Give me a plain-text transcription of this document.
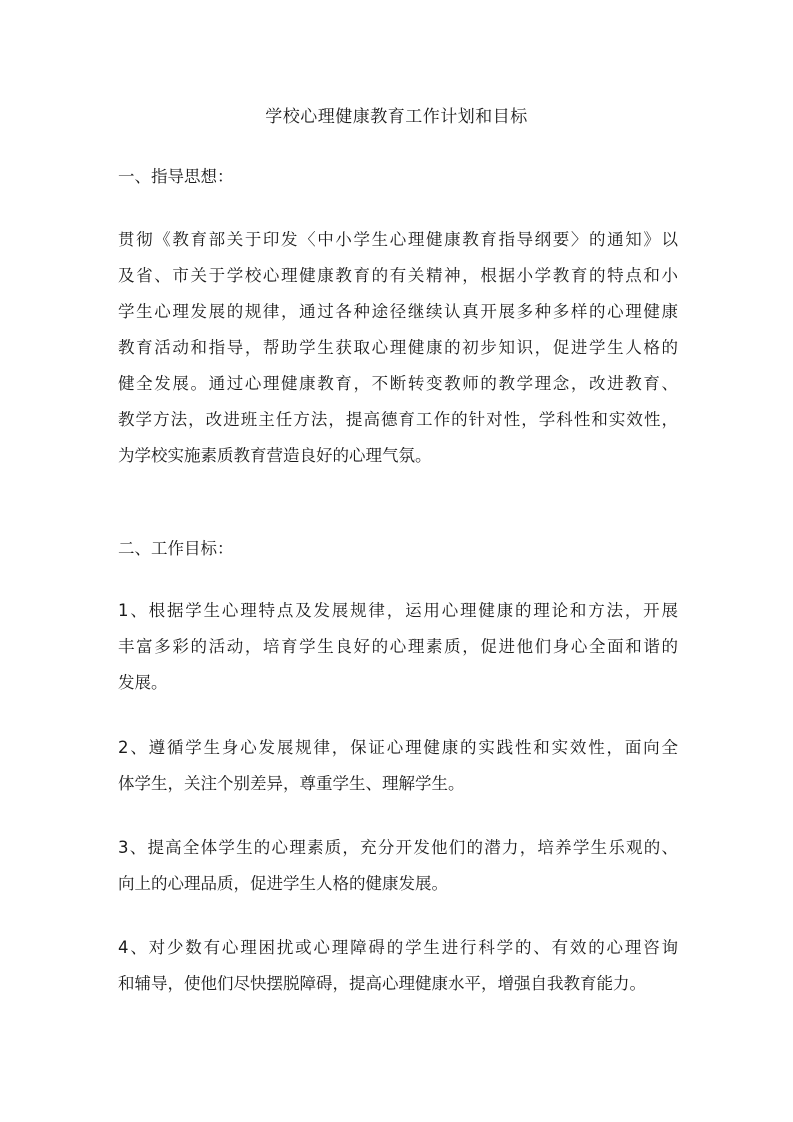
学校心理健康教育工作计划和目标
一、指导思想：
贯彻《教育部关于印发〈中小学生心理健康教育指导纲要〉的通知》以
及省、市关于学校心理健康教育的有关精神，根据小学教育的特点和小
学生心理发展的规律，通过各种途径继续认真开展多种多样的心理健康
教育活动和指导，帮助学生获取心理健康的初步知识，促进学生人格的
健全发展。通过心理健康教育，不断转变教师的教学理念，改进教育、
教学方法，改进班主任方法，提高德育工作的针对性，学科性和实效性，
为学校实施素质教育营造良好的心理气氛。
二、工作目标：
1、根据学生心理特点及发展规律，运用心理健康的理论和方法，开展
丰富多彩的活动，培育学生良好的心理素质，促进他们身心全面和谐的
发展。
2、遵循学生身心发展规律，保证心理健康的实践性和实效性，面向全
体学生，关注个别差异，尊重学生、理解学生。
3、提高全体学生的心理素质，充分开发他们的潜力，培养学生乐观的、
向上的心理品质，促进学生人格的健康发展。
4、对少数有心理困扰或心理障碍的学生进行科学的、有效的心理咨询
和辅导，使他们尽快摆脱障碍，提高心理健康水平，增强自我教育能力。
